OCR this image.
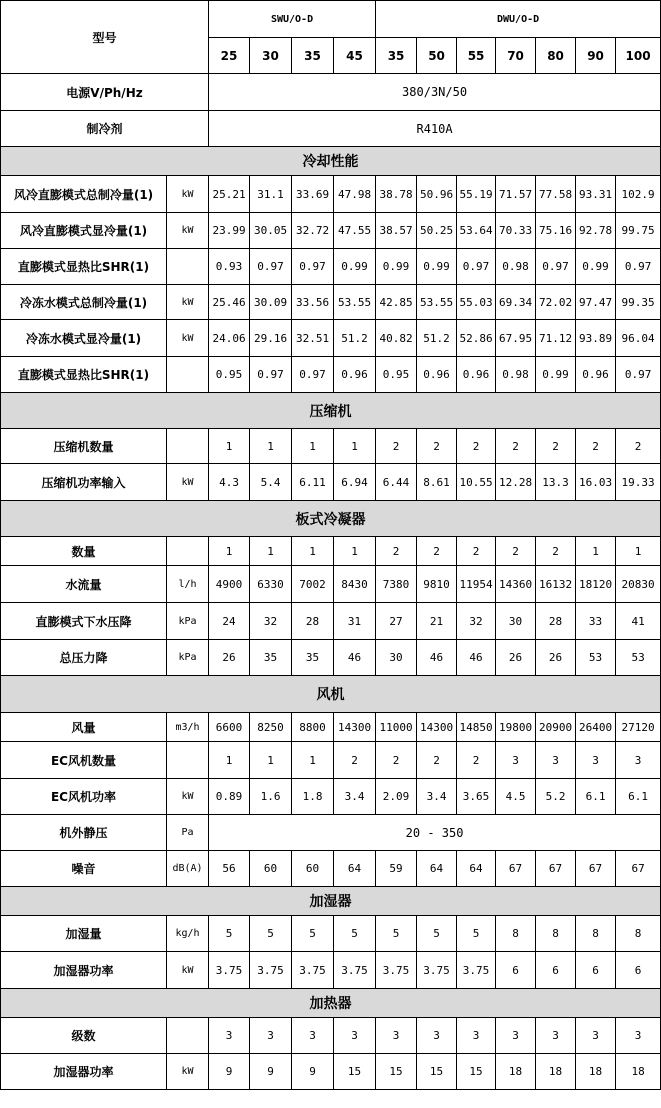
型号		SWU/O-D				DWU/O-D						
		25	30	35	45	35	50	55	70	80	90	100
电源V/Ph/Hz		380/3N/50										
制冷剂		R410A										
冷却性能												
风冷直膨模式总制冷量(1)	kW	25.21	31.1	33.69	47.98	38.78	50.96	55.19	71.57	77.58	93.31	102.9
风冷直膨模式显冷量(1)	kW	23.99	30.05	32.72	47.55	38.57	50.25	53.64	70.33	75.16	92.78	99.75
直膨模式显热比SHR(1)		0.93	0.97	0.97	0.99	0.99	0.99	0.97	0.98	0.97	0.99	0.97
冷冻水模式总制冷量(1)	kW	25.46	30.09	33.56	53.55	42.85	53.55	55.03	69.34	72.02	97.47	99.35
冷冻水模式显冷量(1)	kW	24.06	29.16	32.51	51.2	40.82	51.2	52.86	67.95	71.12	93.89	96.04
直膨模式显热比SHR(1)		0.95	0.97	0.97	0.96	0.95	0.96	0.96	0.98	0.99	0.96	0.97
压缩机												
压缩机数量		1	1	1	1	2	2	2	2	2	2	2
压缩机功率输入	kW	4.3	5.4	6.11	6.94	6.44	8.61	10.55	12.28	13.3	16.03	19.33
板式冷凝器												
数量		1	1	1	1	2	2	2	2	2	1	1
水流量	l/h	4900	6330	7002	8430	7380	9810	11954	14360	16132	18120	20830
直膨模式下水压降	kPa	24	32	28	31	27	21	32	30	28	33	41
总压力降	kPa	26	35	35	46	30	46	46	26	26	53	53
风机												
风量	m3/h	6600	8250	8800	14300	11000	14300	14850	19800	20900	26400	27120
EC风机数量		1	1	1	2	2	2	2	3	3	3	3
EC风机功率	kW	0.89	1.6	1.8	3.4	2.09	3.4	3.65	4.5	5.2	6.1	6.1
机外静压	Pa	20 - 350										
噪音	dB(A)	56	60	60	64	59	64	64	67	67	67	67
加湿器												
加湿量	kg/h	5	5	5	5	5	5	5	8	8	8	8
加湿器功率	kW	3.75	3.75	3.75	3.75	3.75	3.75	3.75	6	6	6	6
加热器												
级数		3	3	3	3	3	3	3	3	3	3	3
加湿器功率	kW	9	9	9	15	15	15	15	18	18	18	18
